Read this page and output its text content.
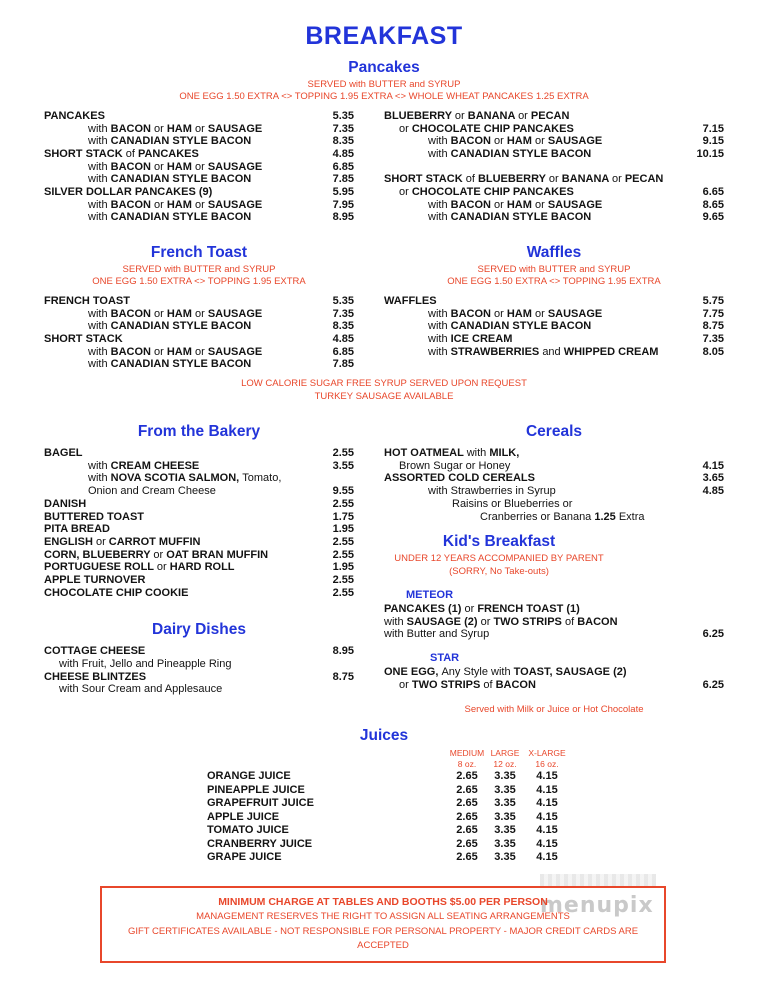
menupix
BREAKFAST
Pancakes
SERVED with BUTTER and SYRUP
ONE EGG 1.50 EXTRA <> TOPPING 1.95 EXTRA <> WHOLE WHEAT PANCAKES 1.25 EXTRA
PANCAKES	5.35
with BACON or HAM or SAUSAGE	7.35
with CANADIAN STYLE BACON	8.35
SHORT STACK of PANCAKES	4.85
with BACON or HAM or SAUSAGE	6.85
with CANADIAN STYLE BACON	7.85
SILVER DOLLAR PANCAKES (9)	5.95
with BACON or HAM or SAUSAGE	7.95
with CANADIAN STYLE BACON	8.95
BLUEBERRY or BANANA or PECAN
or CHOCOLATE CHIP PANCAKES	7.15
with BACON or HAM or SAUSAGE	9.15
with CANADIAN STYLE BACON	10.15
SHORT STACK of BLUEBERRY or BANANA or PECAN
or CHOCOLATE CHIP PANCAKES	6.65
with BACON or HAM or SAUSAGE	8.65
with CANADIAN STYLE BACON	9.65
French Toast
SERVED with BUTTER and SYRUP
ONE EGG 1.50 EXTRA <> TOPPING 1.95 EXTRA
FRENCH TOAST	5.35
with BACON or HAM or SAUSAGE	7.35
with CANADIAN STYLE BACON	8.35
SHORT STACK	4.85
with BACON or HAM or SAUSAGE	6.85
with CANADIAN STYLE BACON	7.85
Waffles
SERVED with BUTTER and SYRUP
ONE EGG 1.50 EXTRA <> TOPPING 1.95 EXTRA
WAFFLES	5.75
with BACON or HAM or SAUSAGE	7.75
with CANADIAN STYLE BACON	8.75
with ICE CREAM	7.35
with STRAWBERRIES and WHIPPED CREAM	8.05
LOW CALORIE SUGAR FREE SYRUP SERVED UPON REQUEST
TURKEY SAUSAGE AVAILABLE
From the Bakery
BAGEL	2.55
with CREAM CHEESE	3.55
with NOVA SCOTIA SALMON, Tomato,
Onion and Cream Cheese	9.55
DANISH	2.55
BUTTERED TOAST	1.75
PITA BREAD	1.95
ENGLISH or CARROT MUFFIN	2.55
CORN, BLUEBERRY or OAT BRAN MUFFIN	2.55
PORTUGUESE ROLL or HARD ROLL	1.95
APPLE TURNOVER	2.55
CHOCOLATE CHIP COOKIE	2.55
Dairy Dishes
COTTAGE CHEESE	8.95
with Fruit, Jello and Pineapple Ring
CHEESE BLINTZES	8.75
with Sour Cream and Applesauce
Cereals
HOT OATMEAL with MILK,
Brown Sugar or Honey	4.15
ASSORTED COLD CEREALS	3.65
with Strawberries in Syrup	4.85
Raisins or Blueberries or
Cranberries or Banana 1.25 Extra
Kid's Breakfast
UNDER 12 YEARS ACCOMPANIED BY PARENT
(SORRY, No Take-outs)
METEOR
PANCAKES (1) or FRENCH TOAST (1)
with SAUSAGE (2) or TWO STRIPS of BACON
with Butter and Syrup	6.25
STAR
ONE EGG, Any Style with TOAST, SAUSAGE (2)
or TWO STRIPS of BACON	6.25
Served with Milk or Juice or Hot Chocolate
Juices
MEDIUM
8 oz.
LARGE
12 oz.
X-LARGE
16 oz.
ORANGE JUICE	2.65	3.35	4.15
PINEAPPLE JUICE	2.65	3.35	4.15
GRAPEFRUIT JUICE	2.65	3.35	4.15
APPLE JUICE	2.65	3.35	4.15
TOMATO JUICE	2.65	3.35	4.15
CRANBERRY JUICE	2.65	3.35	4.15
GRAPE JUICE	2.65	3.35	4.15
MINIMUM CHARGE AT TABLES AND BOOTHS $5.00 PER PERSON
MANAGEMENT RESERVES THE RIGHT TO ASSIGN ALL SEATING ARRANGEMENTS
GIFT CERTIFICATES AVAILABLE - NOT RESPONSIBLE FOR PERSONAL PROPERTY - MAJOR CREDIT CARDS ARE ACCEPTED
